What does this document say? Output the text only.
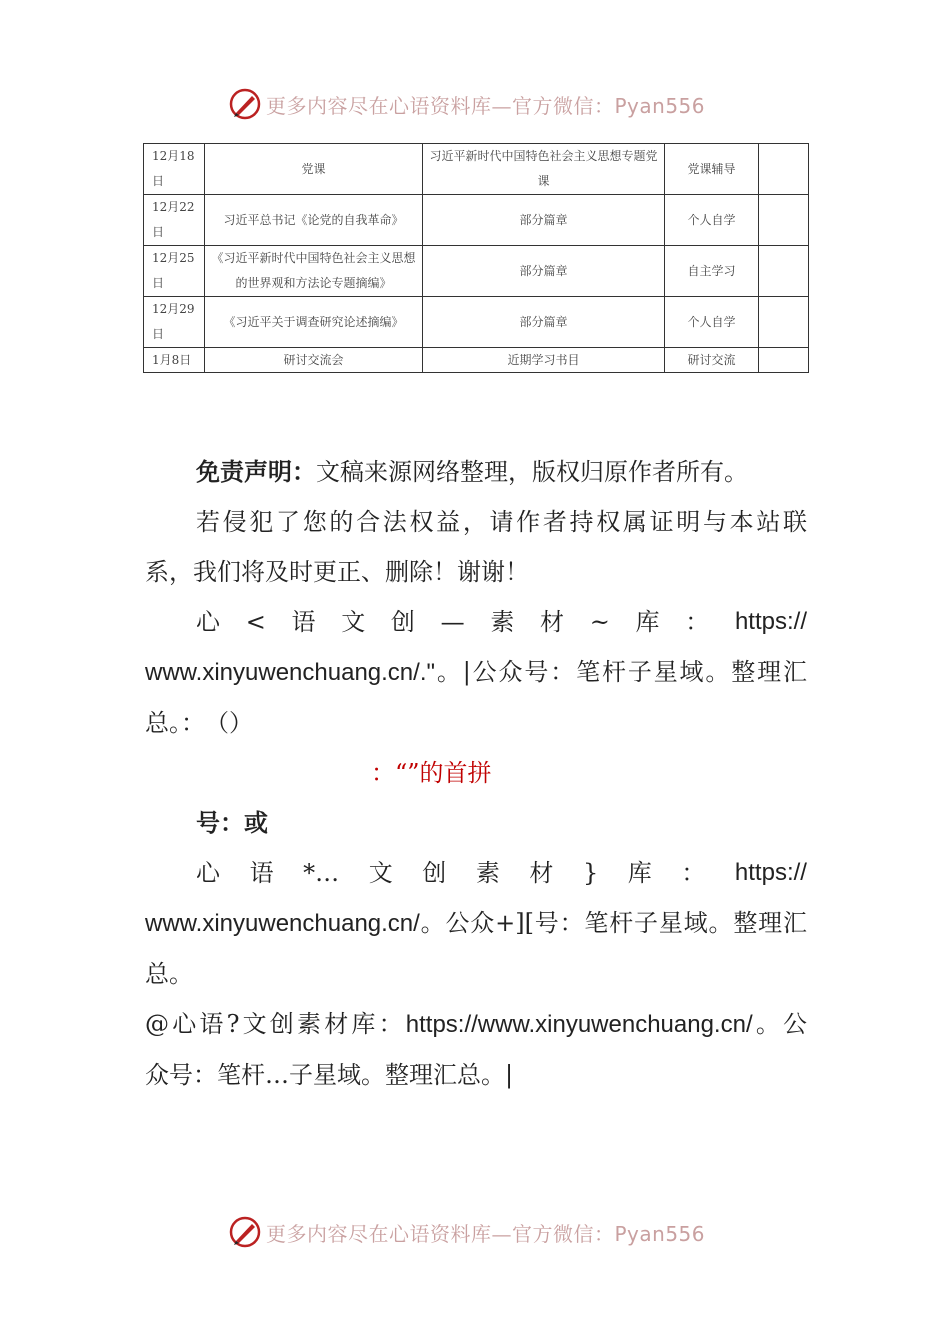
更多内容尽在心语资料库—官方微信：Pyan556
12月18
日	党课	习近平新时代中国特色社会主义思想专题党课	党课辅导	
12月22
日	习近平总书记《论党的自我革命》	部分篇章	个人自学	
12月25
日	《习近平新时代中国特色社会主义思想的世界观和方法论专题摘编》	部分篇章	自主学习	
12月29
日	《习近平关于调查研究论述摘编》	部分篇章	个人自学	
1月8日	研讨交流会	近期学习书目	研讨交流	

免责声明：文稿来源网络整理，版权归原作者所有。

若侵犯了您的合法权益，请作者持权属证明与本站联

系，我们将及时更正、删除！谢谢！

心 < 语 文 创 — 素 材 ~ 库 ： https://

www.xinyuwenchuang.cn/."。|公众号：笔杆子星域。整理汇

总。：　（）

：“”的首拼

号：或

心 语 *… 文 创 素 材 } 库 ： https://

www.xinyuwenchuang.cn/。公众+][号：笔杆子星域。整理汇

总。

@心语?文创素材库：https://www.xinyuwenchuang.cn/。公

众号：笔杆…子星域。整理汇总。|

更多内容尽在心语资料库—官方微信：Pyan556
